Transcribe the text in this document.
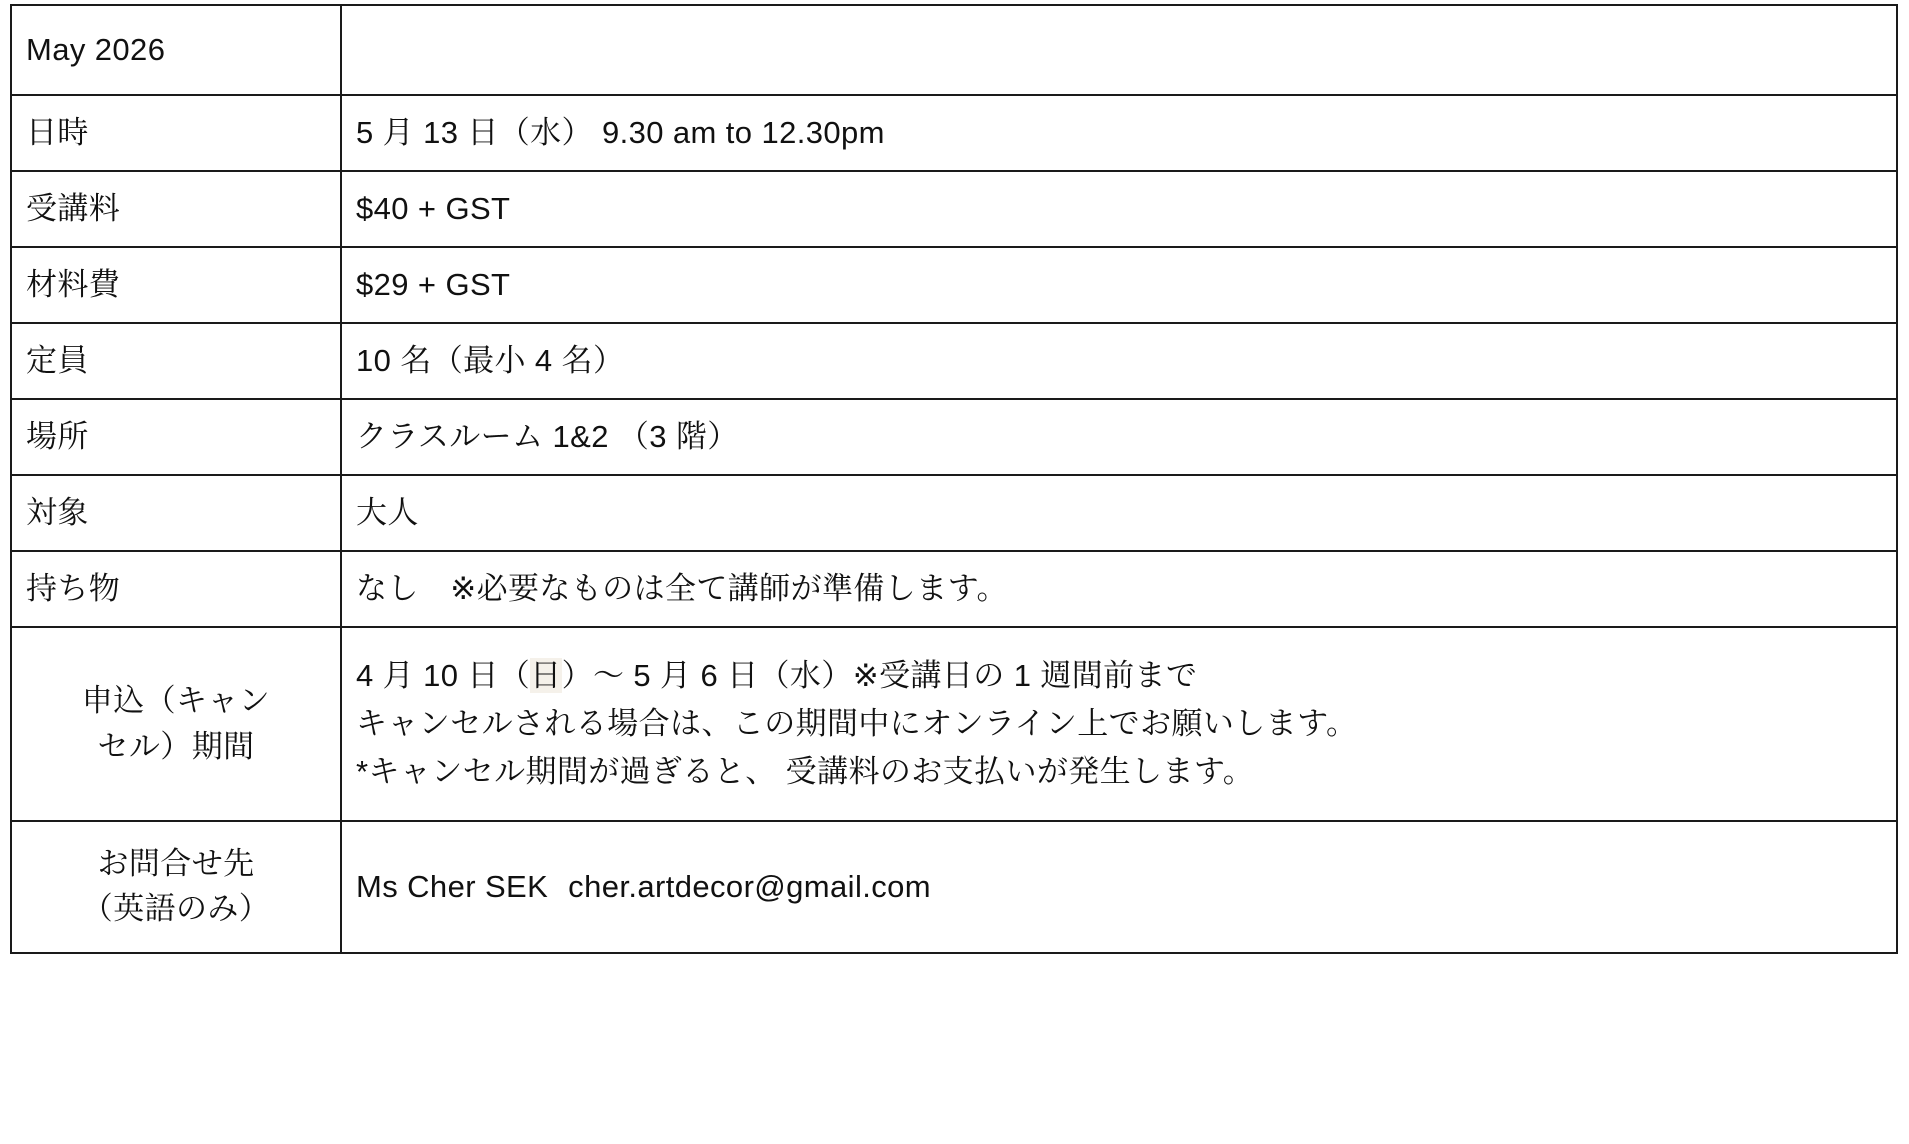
May 2026	
日時	5 月 13 日（水） 9.30 am to 12.30pm
受講料	$40 + GST
材料費	$29 + GST
定員	10 名（最小 4 名）
場所	クラスルーム 1&2 （3 階）
対象	大人
持ち物	なし　※必要なものは全て講師が準備します。

申込（キャン
セル）期間	4 月 10 日（日）〜 5 月 6 日（水）※受講日の 1 週間前まで
キャンセルされる場合は、この期間中にオンライン上でお願いします。
*キャンセル期間が過ぎると、 受講料のお支払いが発生します。

お問合せ先
（英語のみ）	Ms Cher SEK cher.artdecor@gmail.com
